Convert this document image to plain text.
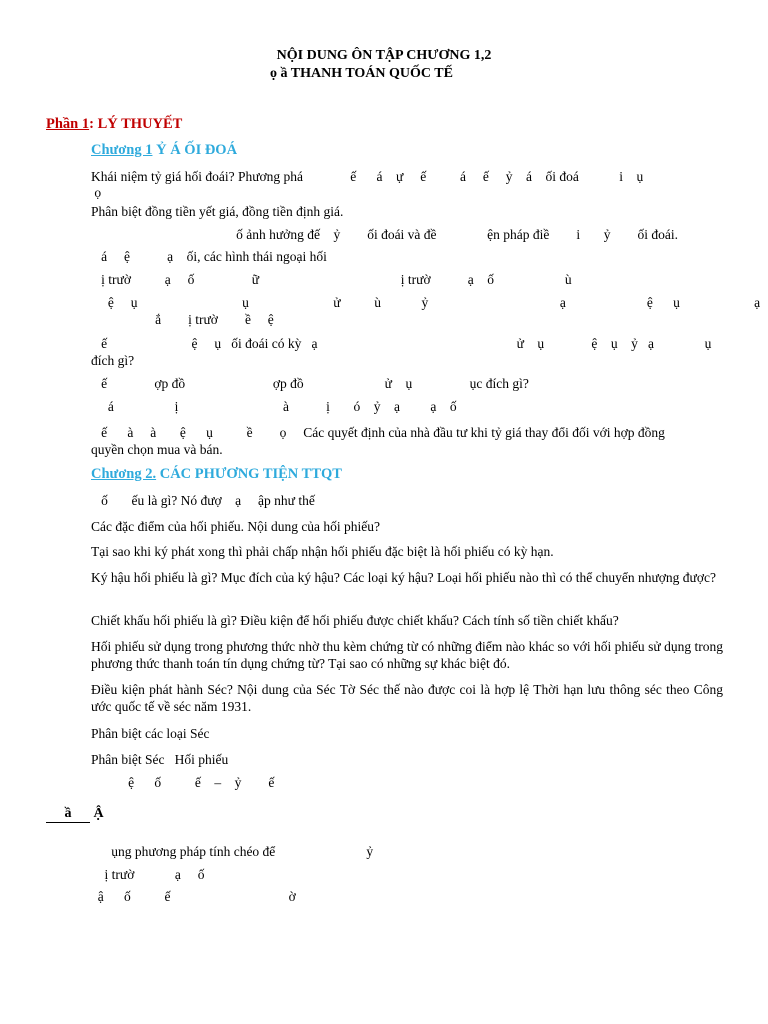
NỘI DUNG ÔN TẬP CHƯƠNG 1,2
ọ ầ THANH TOÁN QUỐC TẾ
Phần 1: LÝ THUYẾT
Chương 1 Ỷ Á ỐI ĐOÁ
Khái niệm tỷ giá hối đoái? Phương phá              ế      á    ự     ế          á     ế     ỷ    á    ối đoá            i    ụ
ọ
Phân biệt đồng tiền yết giá, đồng tiền định giá.
ố ảnh hưởng đế    ỷ        ối đoái và đề               ện pháp điề        i       ỷ        ối đoái.
á     ệ           ạ    ối, các hình thái ngoại hối
ị trườ          ạ     ố                 ữ                                          ị trườ           ạ    ố                     ù
ệ     ụ                               ụ                         ử          ù            ỷ                                       ạ                        ệ      ụ                      ạ
ắ        ị trườ        ề     ệ
ế                         ệ     ụ   ối đoái có kỳ   ạ                                                           ử    ụ              ệ    ụ    ỷ   ạ               ụ
đích gì?
ế              ợp đồ                          ợp đồ                        ử    ụ                 ục đích gì?
á                  ị                               à           ị       ó    ỷ    ạ         ạ    ố
ế      à     à       ệ      ụ          ề        ọ     Các quyết định của nhà đầu tư khi tỷ giá thay đổi đối với hợp đồng
quyền chọn mua và bán.
Chương 2. CÁC PHƯƠNG TIỆN TTQT
ố       ếu là gì? Nó đượ    ạ     ập như thế
Các đặc điểm của hối phiếu. Nội dung của hối phiếu?
Tại sao khi ký phát xong thì phải chấp nhận hối phiếu đặc biệt là hối phiếu có kỳ hạn.
Ký hậu hối phiếu là gì? Mục đích của ký hậu? Các loại ký hậu? Loại hối phiếu nào thì có thể chuyển nhượng được?
Chiết khấu hối phiếu là gì? Điều kiện để hối phiếu được chiết khấu? Cách tính số tiền chiết khấu?
Hối phiếu sử dụng trong phương thức nhờ thu kèm chứng từ có những điểm nào khác so với hối phiếu sử dụng trong phương thức thanh toán tín dụng chứng từ? Tại sao có những sự khác biệt đó.
Điều kiện phát hành Séc? Nội dung của Séc Tờ Séc thế nào được coi là hợp lệ Thời hạn lưu thông séc theo Công ước quốc tế về séc năm 1931.
Phân biệt các loại Séc
Phân biệt Séc   Hối phiếu
ệ      ố          ế    –    ỷ        ế
ầ Ậ
ụng phương pháp tính chéo để                           ỷ
ị trườ            ạ     ố
ậ      ố          ế                                   ờ
